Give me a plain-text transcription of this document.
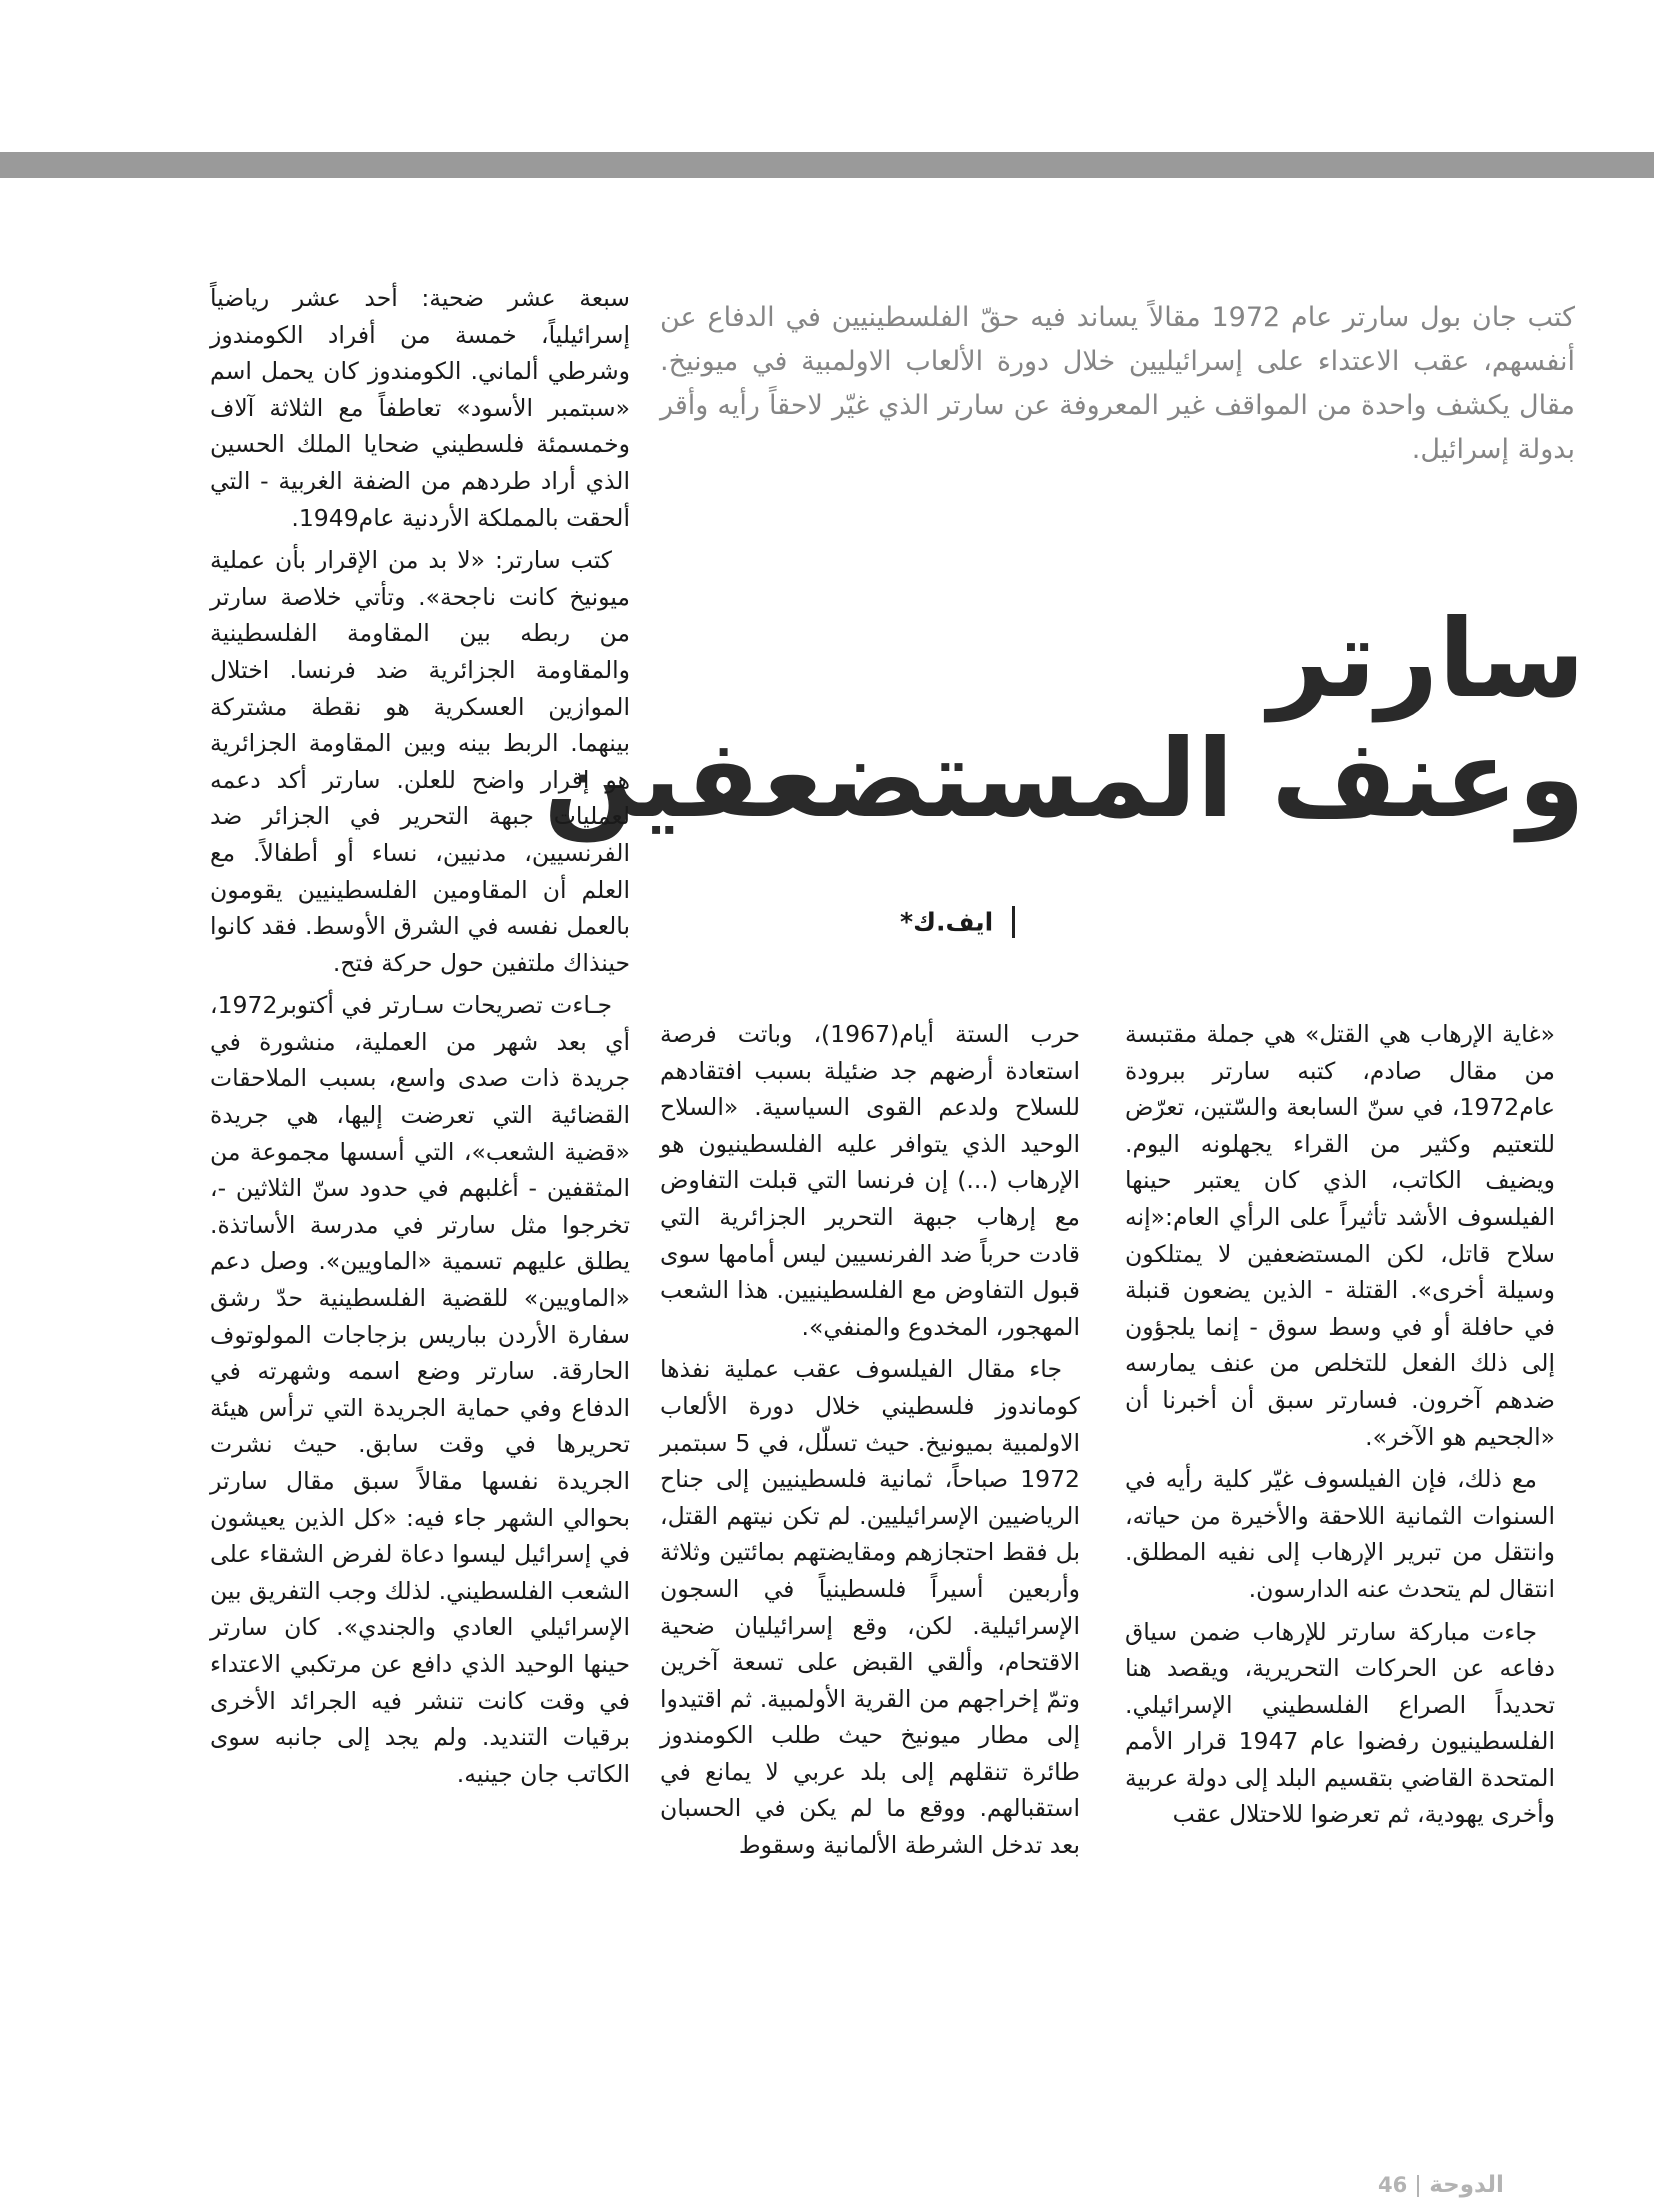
كتب جان بول سارتر عام 1972 مقالاً يساند فيه حقّ الفلسطينيين في الدفاع عن أنفسهم، عقب الاعتداء على إسرائيليين خلال دورة الألعاب الاولمبية في ميونيخ. مقال يكشف واحدة من المواقف غير المعروفة عن سارتر الذي غيّر لاحقاً رأيه وأقر بدولة إسرائيل.

سارتر
وعنف المستضعفين
ايف.ك*

«غاية الإرهاب هي القتل» هي جملة مقتبسة من مقال صادم، كتبه سارتر ببرودة عام1972، في سنّ السابعة والسّتين، تعرّض للتعتيم وكثير من القراء يجهلونه اليوم. ويضيف الكاتب، الذي كان يعتبر حينها الفيلسوف الأشد تأثيراً على الرأي العام:«إنه سلاح قاتل، لكن المستضعفين لا يمتلكون وسيلة أخرى». القتلة - الذين يضعون قنبلة في حافلة أو في وسط سوق - إنما يلجؤون إلى ذلك الفعل للتخلص من عنف يمارسه ضدهم آخرون. فسارتر سبق أن أخبرنا أن «الجحيم هو الآخر».

مع ذلك، فإن الفيلسوف غيّر كلية رأيه في السنوات الثمانية اللاحقة والأخيرة من حياته، وانتقل من تبرير الإرهاب إلى نفيه المطلق. انتقال لم يتحدث عنه الدارسون.

جاءت مباركة سارتر للإرهاب ضمن سياق دفاعه عن الحركات التحريرية، ويقصد هنا تحديداً الصراع الفلسطيني الإسرائيلي. الفلسطينيون رفضوا عام 1947 قرار الأمم المتحدة القاضي بتقسيم البلد إلى دولة عربية وأخرى يهودية، ثم تعرضوا للاحتلال عقب

حرب الستة أيام(1967)، وباتت فرصة استعادة أرضهم جد ضئيلة بسبب افتقادهم للسلاح ولدعم القوى السياسية. «السلاح الوحيد الذي يتوافر عليه الفلسطينيون هو الإرهاب (...) إن فرنسا التي قبلت التفاوض مع إرهاب جبهة التحرير الجزائرية التي قادت حرباً ضد الفرنسيين ليس أمامها سوى قبول التفاوض مع الفلسطينيين. هذا الشعب المهجور، المخدوع والمنفي».

جاء مقال الفيلسوف عقب عملية نفذها كوماندوز فلسطيني خلال دورة الألعاب الاولمبية بميونيخ. حيث تسلّل، في 5 سبتمبر 1972 صباحاً، ثمانية فلسطينيين إلى جناح الرياضيين الإسرائيليين. لم تكن نيتهم القتل، بل فقط احتجازهم ومقايضتهم بمائتين وثلاثة وأربعين أسيراً فلسطينياً في السجون الإسرائيلية. لكن، وقع إسرائيليان ضحية الاقتحام، وألقي القبض على تسعة آخرين وتمّ إخراجهم من القرية الأولمبية. ثم اقتيدوا إلى مطار ميونيخ حيث طلب الكومندوز طائرة تنقلهم إلى بلد عربي لا يمانع في استقبالهم. ووقع ما لم يكن في الحسبان بعد تدخل الشرطة الألمانية وسقوط

سبعة عشر ضحية: أحد عشر رياضياً إسرائيلياً، خمسة من أفراد الكومندوز وشرطي ألماني. الكومندوز كان يحمل اسم «سبتمبر الأسود» تعاطفاً مع الثلاثة آلاف وخمسمئة فلسطيني ضحايا الملك الحسين الذي أراد طردهم من الضفة الغربية - التي ألحقت بالمملكة الأردنية عام1949.

كتب سارتر: «لا بد من الإقرار بأن عملية ميونيخ كانت ناجحة». وتأتي خلاصة سارتر من ربطه بين المقاومة الفلسطينية والمقاومة الجزائرية ضد فرنسا. اختلال الموازين العسكرية هو نقطة مشتركة بينهما. الربط بينه وبين المقاومة الجزائرية هو إقرار واضح للعلن. سارتر أكد دعمه لعمليات جبهة التحرير في الجزائر ضد الفرنسيين، مدنيين، نساء أو أطفالاً. مع العلم أن المقاومين الفلسطينيين يقومون بالعمل نفسه في الشرق الأوسط. فقد كانوا حينذاك ملتفين حول حركة فتح.

جـاءت تصريحات سـارتر في أكتوبر1972، أي بعد شهر من العملية، منشورة في جريدة ذات صدى واسع، بسبب الملاحقات القضائية التي تعرضت إليها، هي جريدة «قضية الشعب»، التي أسسها مجموعة من المثقفين - أغلبهم في حدود سنّ الثلاثين -، تخرجوا مثل سارتر في مدرسة الأساتذة. يطلق عليهم تسمية «الماويين». وصل دعم «الماويين» للقضية الفلسطينية حدّ رشق سفارة الأردن بباريس بزجاجات المولوتوف الحارقة. سارتر وضع اسمه وشهرته في الدفاع وفي حماية الجريدة التي ترأس هيئة تحريرها في وقت سابق. حيث نشرت الجريدة نفسها مقالاً سبق مقال سارتر بحوالي الشهر جاء فيه: «كل الذين يعيشون في إسرائيل ليسوا دعاة لفرض الشقاء على الشعب الفلسطيني. لذلك وجب التفريق بين الإسرائيلي العادي والجندي». كان سارتر حينها الوحيد الذي دافع عن مرتكبي الاعتداء في وقت كانت تنشر فيه الجرائد الأخرى برقيات التنديد. ولم يجد إلى جانبه سوى الكاتب جان جينيه.

الدوحة46
